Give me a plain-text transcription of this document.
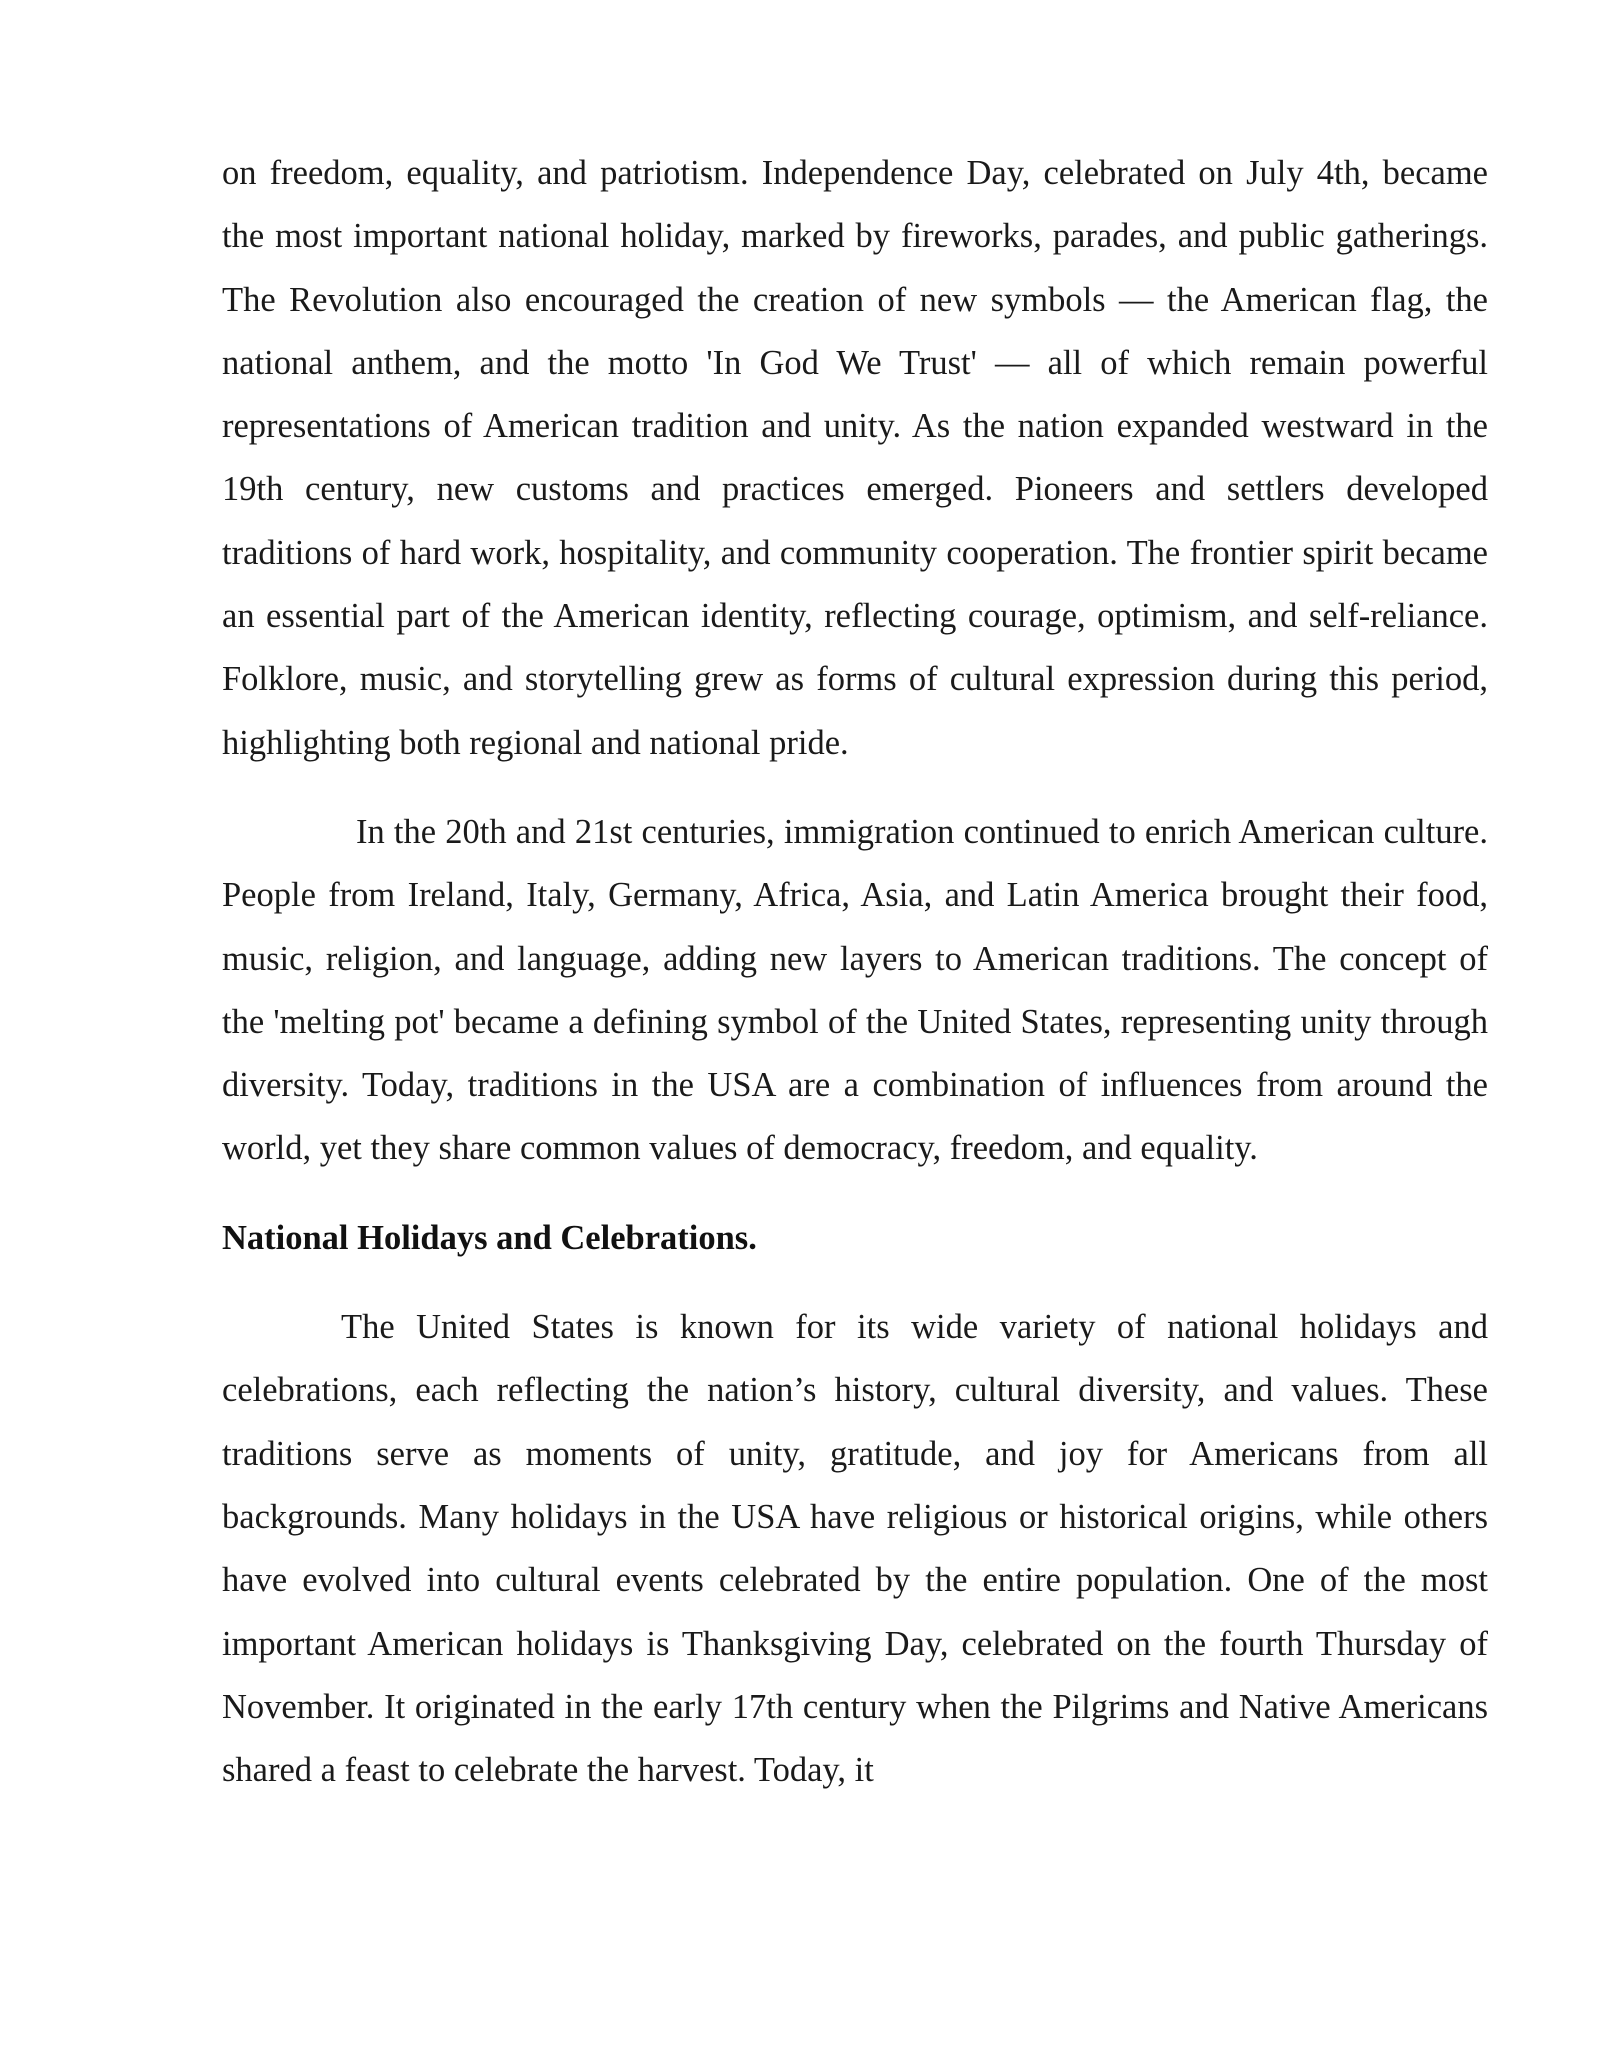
on freedom, equality, and patriotism. Independence Day, celebrated on July 4th, became the most important national holiday, marked by fireworks, parades, and public gatherings. The Revolution also encouraged the creation of new symbols — the American flag, the national anthem, and the motto 'In God We Trust' — all of which remain powerful representations of American tradition and unity. As the nation expanded westward in the 19th century, new customs and practices emerged. Pioneers and settlers developed traditions of hard work, hospitality, and community cooperation. The frontier spirit became an essential part of the American identity, reflecting courage, optimism, and self-reliance. Folklore, music, and storytelling grew as forms of cultural expression during this period, highlighting both regional and national pride.

In the 20th and 21st centuries, immigration continued to enrich American culture. People from Ireland, Italy, Germany, Africa, Asia, and Latin America brought their food, music, religion, and language, adding new layers to American traditions. The concept of the 'melting pot' became a defining symbol of the United States, representing unity through diversity. Today, traditions in the USA are a combination of influences from around the world, yet they share common values of democracy, freedom, and equality.

National Holidays and Celebrations.

The United States is known for its wide variety of national holidays and celebrations, each reflecting the nation’s history, cultural diversity, and values. These traditions serve as moments of unity, gratitude, and joy for Americans from all backgrounds. Many holidays in the USA have religious or historical origins, while others have evolved into cultural events celebrated by the entire population. One of the most important American holidays is Thanksgiving Day, celebrated on the fourth Thursday of November. It originated in the early 17th century when the Pilgrims and Native Americans shared a feast to celebrate the harvest. Today, it
